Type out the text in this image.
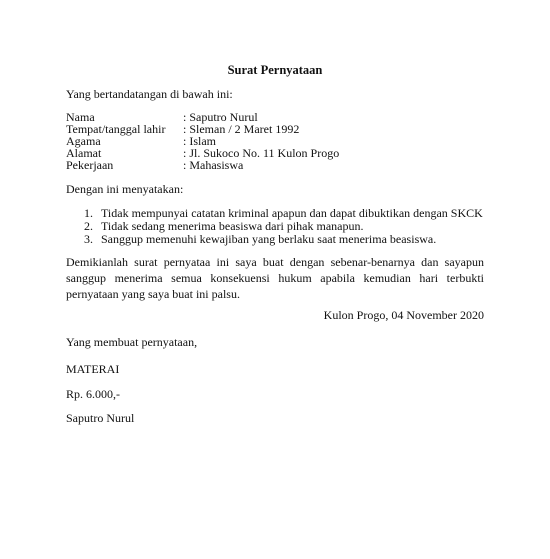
Surat Pernyataan
Yang bertandatangan di bawah ini:
Nama	: Saputro Nurul
Tempat/tanggal lahir : Sleman / 2 Maret 1992
Agama	: Islam
Alamat	: Jl. Sukoco No. 11 Kulon Progo
Pekerjaan	: Mahasiswa
Dengan ini menyatakan:
1. Tidak mempunyai catatan kriminal apapun dan dapat dibuktikan dengan SKCK
2. Tidak sedang menerima beasiswa dari pihak manapun.
3. Sanggup memenuhi kewajiban yang berlaku saat menerima beasiswa.
Demikianlah surat pernyataa ini saya buat dengan sebenar-benarnya dan sayapun sanggup menerima semua konsekuensi hukum apabila kemudian hari terbukti pernyataan yang saya buat ini palsu.
Kulon Progo, 04 November 2020
Yang membuat pernyataan,
MATERAI
Rp. 6.000,-
Saputro Nurul
